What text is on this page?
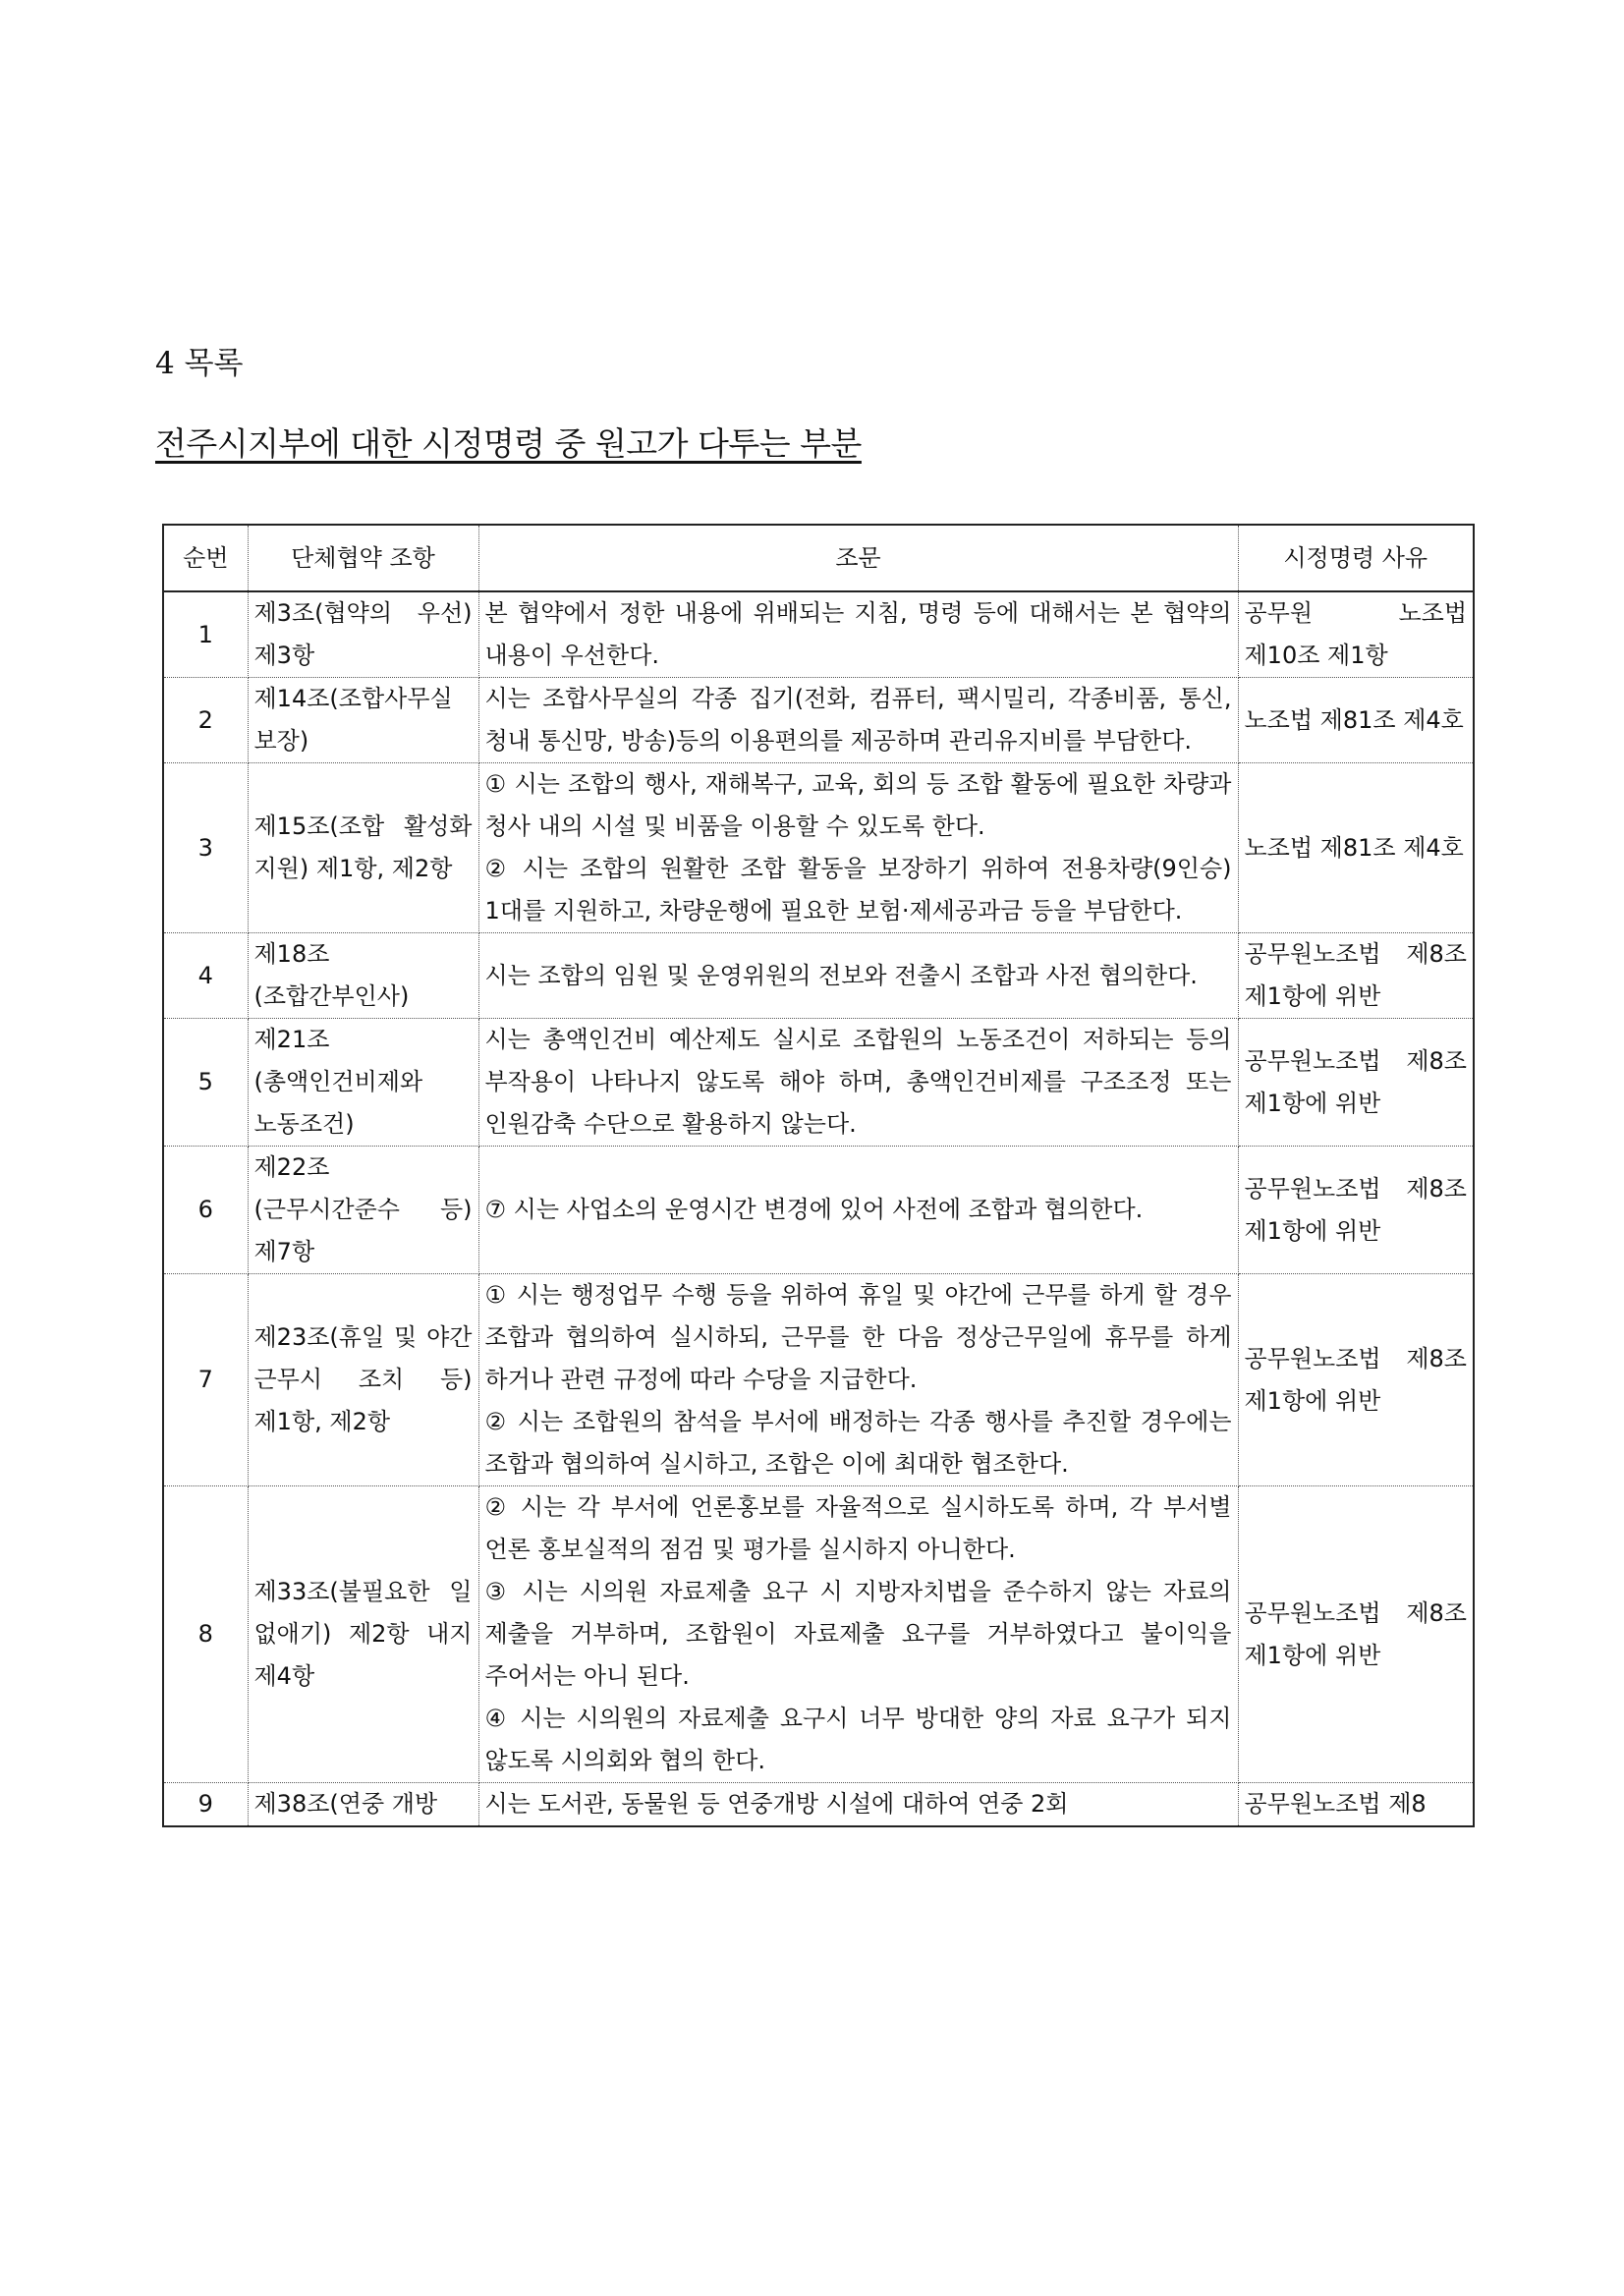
4 목록
전주시지부에 대한 시정명령 중 원고가 다투는 부분
순번	단체협약 조항	조문	시정명령 사유
1	제3조(협약의 우선) 제3항	본 협약에서 정한 내용에 위배되는 지침, 명령 등에 대해서는 본 협약의 내용이 우선한다.	공무원 노조법 제10조 제1항
2	제14조(조합사무실 보장)	시는 조합사무실의 각종 집기(전화, 컴퓨터, 팩시밀리, 각종비품, 통신, 청내 통신망, 방송)등의 이용편의를 제공하며 관리유지비를 부담한다.	노조법 제81조 제4호
3	제15조(조합 활성화 지원) 제1항, 제2항	① 시는 조합의 행사, 재해복구, 교육, 회의 등 조합 활동에 필요한 차량과 청사 내의 시설 및 비품을 이용할 수 있도록 한다.
② 시는 조합의 원활한 조합 활동을 보장하기 위하여 전용차량(9인승) 1대를 지원하고, 차량운행에 필요한 보험·제세공과금 등을 부담한다.	노조법 제81조 제4호
4	제18조(조합간부인사)	시는 조합의 임원 및 운영위원의 전보와 전출시 조합과 사전 협의한다.	공무원노조법 제8조 제1항에 위반
5	제21조(총액인건비제와 노동조건)	시는 총액인건비 예산제도 실시로 조합원의 노동조건이 저하되는 등의 부작용이 나타나지 않도록 해야 하며, 총액인건비제를 구조조정 또는 인원감축 수단으로 활용하지 않는다.	공무원노조법 제8조 제1항에 위반
6	제22조(근무시간준수 등) 제7항	⑦ 시는 사업소의 운영시간 변경에 있어 사전에 조합과 협의한다.	공무원노조법 제8조 제1항에 위반
7	제23조(휴일 및 야간 근무시 조치 등) 제1항, 제2항	① 시는 행정업무 수행 등을 위하여 휴일 및 야간에 근무를 하게 할 경우 조합과 협의하여 실시하되, 근무를 한 다음 정상근무일에 휴무를 하게 하거나 관련 규정에 따라 수당을 지급한다.
② 시는 조합원의 참석을 부서에 배정하는 각종 행사를 추진할 경우에는 조합과 협의하여 실시하고, 조합은 이에 최대한 협조한다.	공무원노조법 제8조 제1항에 위반
8	제33조(불필요한 일 없애기) 제2항 내지 제4항	② 시는 각 부서에 언론홍보를 자율적으로 실시하도록 하며, 각 부서별 언론 홍보실적의 점검 및 평가를 실시하지 아니한다.
③ 시는 시의원 자료제출 요구 시 지방자치법을 준수하지 않는 자료의 제출을 거부하며, 조합원이 자료제출 요구를 거부하였다고 불이익을 주어서는 아니 된다.
④ 시는 시의원의 자료제출 요구시 너무 방대한 양의 자료 요구가 되지 않도록 시의회와 협의 한다.	공무원노조법 제8조 제1항에 위반
9	제38조(연중 개방	시는 도서관, 동물원 등 연중개방 시설에 대하여 연중 2회	공무원노조법 제8
